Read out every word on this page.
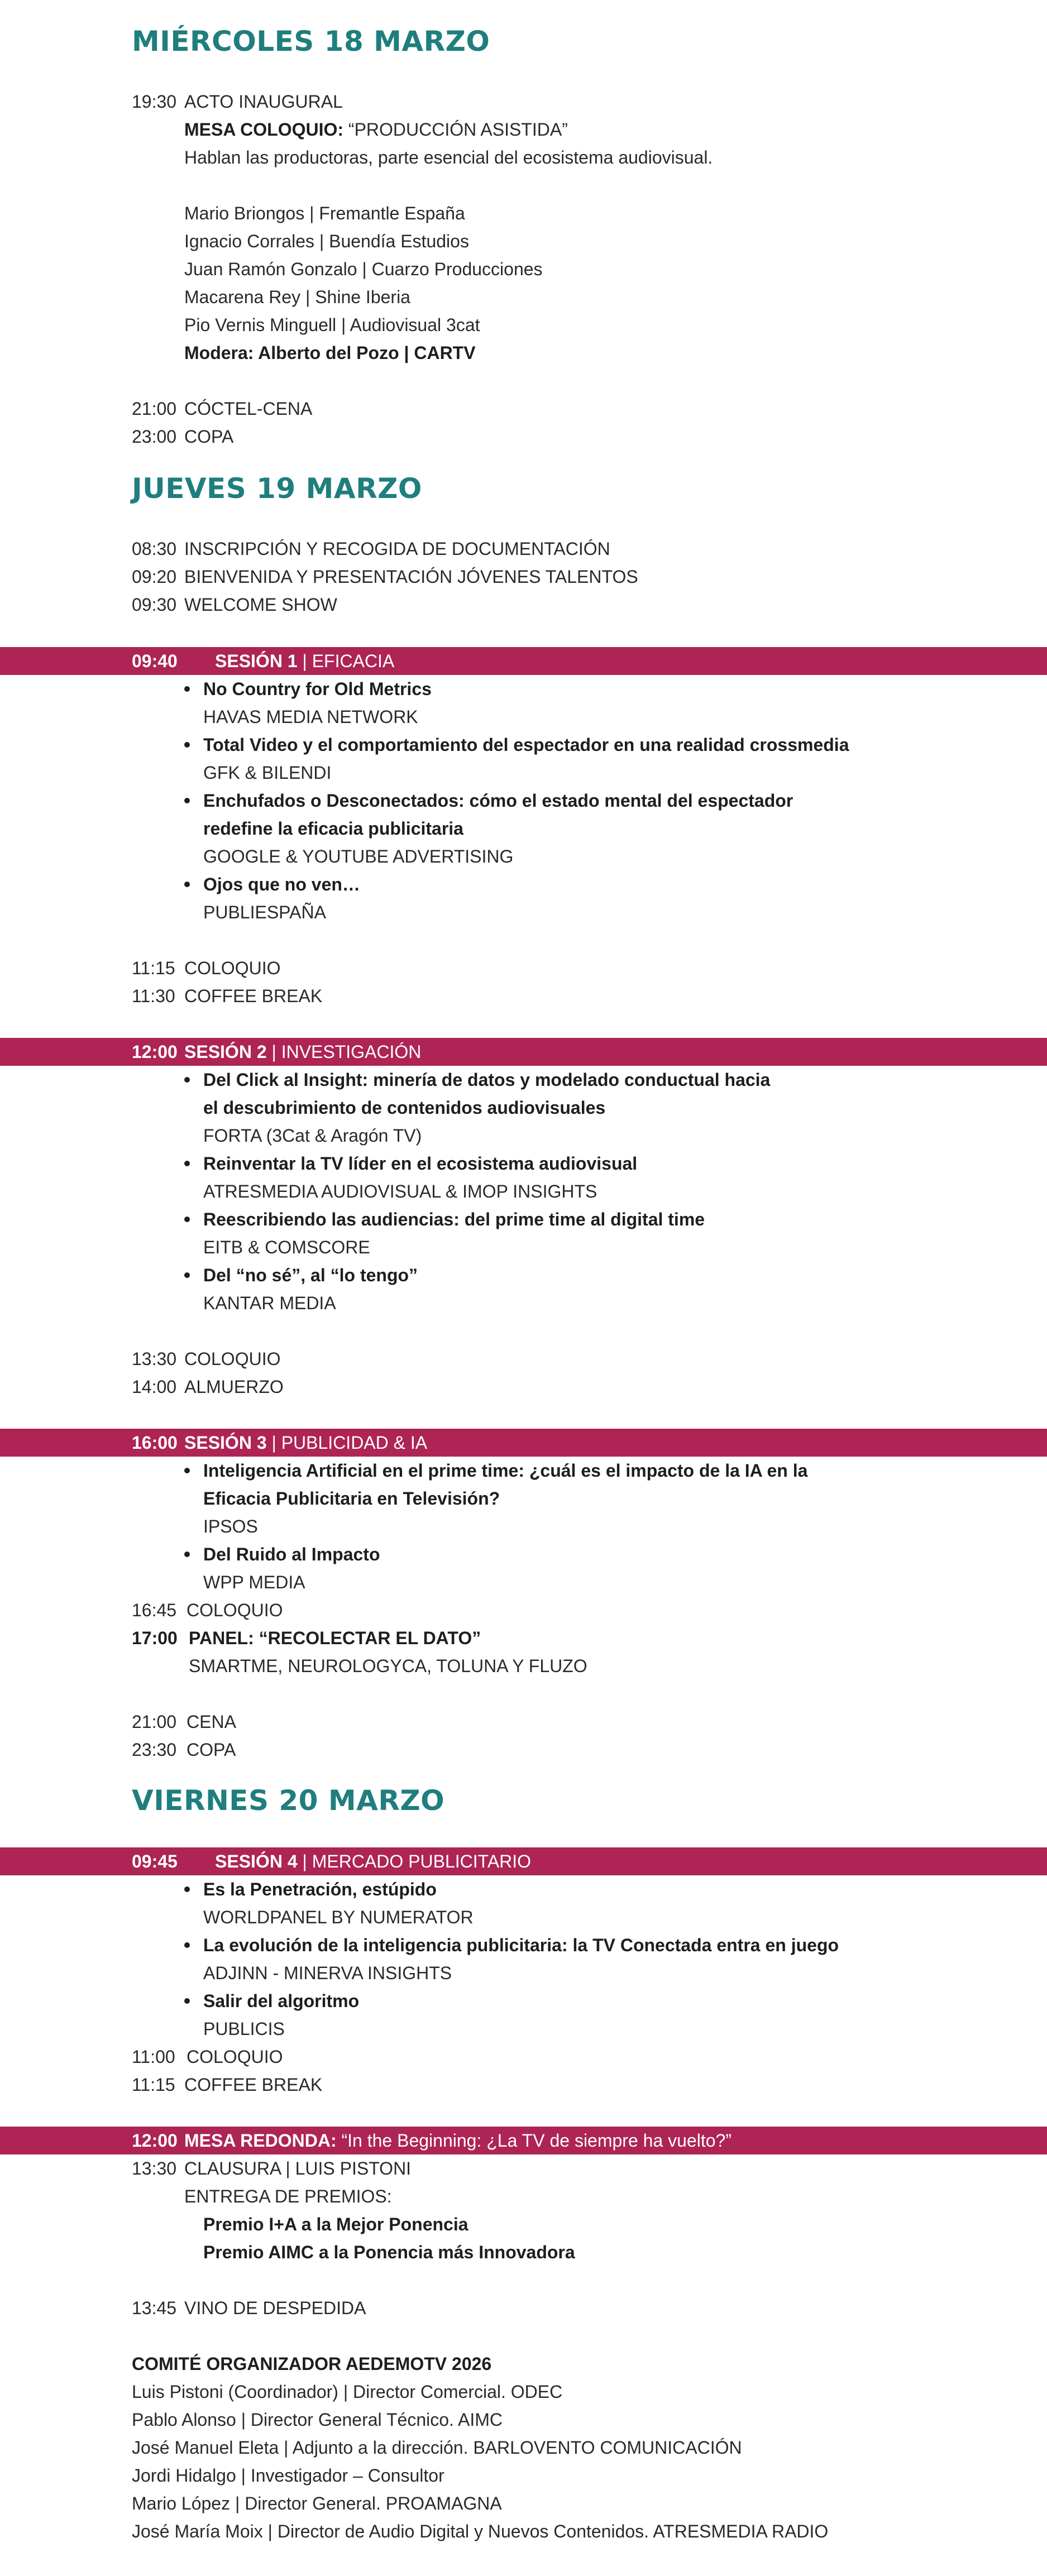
MIÉRCOLES 18 MARZO
19:30 ACTO INAUGURAL
MESA COLOQUIO: “PRODUCCIÓN ASISTIDA”
Hablan las productoras, parte esencial del ecosistema audiovisual.
Mario Briongos | Fremantle España
Ignacio Corrales | Buendía Estudios
Juan Ramón Gonzalo | Cuarzo Producciones
Macarena Rey | Shine Iberia
Pio Vernis Minguell | Audiovisual 3cat
Modera: Alberto del Pozo | CARTV
21:00 CÓCTEL-CENA
23:00 COPA
JUEVES 19 MARZO
08:30 INSCRIPCIÓN Y RECOGIDA DE DOCUMENTACIÓN
09:20 BIENVENIDA Y PRESENTACIÓN JÓVENES TALENTOS
09:30 WELCOME SHOW
09:40 SESIÓN 1 | EFICACIA
No Country for Old Metrics
HAVAS MEDIA NETWORK
Total Video y el comportamiento del espectador en una realidad crossmedia
GFK & BILENDI
Enchufados o Desconectados: cómo el estado mental del espectador
redefine la eficacia publicitaria
GOOGLE & YOUTUBE ADVERTISING
Ojos que no ven…
PUBLIESPAÑA
11:15 COLOQUIO
11:30 COFFEE BREAK
12:00 SESIÓN 2 | INVESTIGACIÓN
Del Click al Insight: minería de datos y modelado conductual hacia
el descubrimiento de contenidos audiovisuales
FORTA (3Cat & Aragón TV)
Reinventar la TV líder en el ecosistema audiovisual
ATRESMEDIA AUDIOVISUAL & IMOP INSIGHTS
Reescribiendo las audiencias: del prime time al digital time
EITB & COMSCORE
Del “no sé”, al “lo tengo”
KANTAR MEDIA
13:30 COLOQUIO
14:00 ALMUERZO
16:00 SESIÓN 3 | PUBLICIDAD & IA
Inteligencia Artificial en el prime time: ¿cuál es el impacto de la IA en la
Eficacia Publicitaria en Televisión?
IPSOS
Del Ruido al Impacto
WPP MEDIA
16:45 COLOQUIO
17:00 PANEL: “RECOLECTAR EL DATO”
SMARTME, NEUROLOGYCA, TOLUNA Y FLUZO
21:00 CENA
23:30 COPA
VIERNES 20 MARZO
09:45 SESIÓN 4 | MERCADO PUBLICITARIO
Es la Penetración, estúpido
WORLDPANEL BY NUMERATOR
La evolución de la inteligencia publicitaria: la TV Conectada entra en juego
ADJINN - MINERVA INSIGHTS
Salir del algoritmo
PUBLICIS
11:00 COLOQUIO
11:15 COFFEE BREAK
12:00 MESA REDONDA: “In the Beginning: ¿La TV de siempre ha vuelto?”
13:30 CLAUSURA | LUIS PISTONI
ENTREGA DE PREMIOS:
Premio I+A a la Mejor Ponencia
Premio AIMC a la Ponencia más Innovadora
13:45 VINO DE DESPEDIDA
COMITÉ ORGANIZADOR AEDEMOTV 2026
Luis Pistoni (Coordinador) | Director Comercial. ODEC
Pablo Alonso | Director General Técnico. AIMC
José Manuel Eleta | Adjunto a la dirección. BARLOVENTO COMUNICACIÓN
Jordi Hidalgo | Investigador – Consultor
Mario López | Director General. PROAMAGNA
José María Moix | Director de Audio Digital y Nuevos Contenidos. ATRESMEDIA RADIO
